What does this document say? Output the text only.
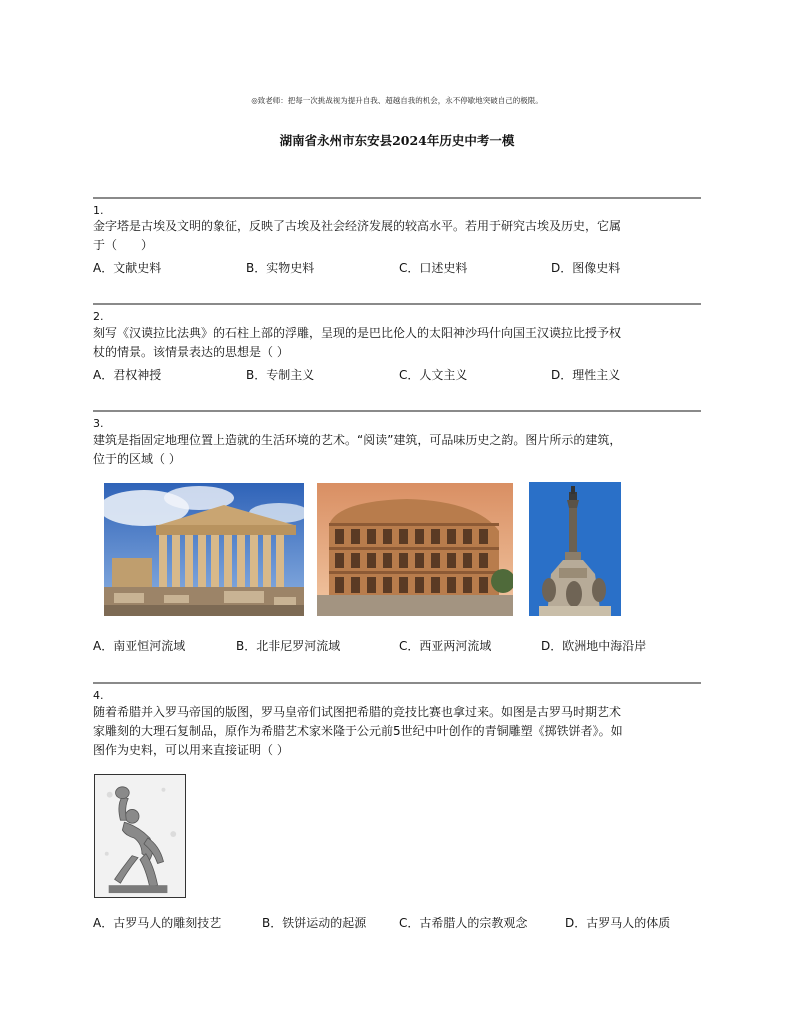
◎致老师：把每一次挑战视为提升自我、超越自我的机会，永不停歇地突破自己的极限。
湖南省永州市东安县2024年历史中考一模
1.
金字塔是古埃及文明的象征，反映了古埃及社会经济发展的较高水平。若用于研究古埃及历史，它属
于（　　）
A．文献史料	B．实物史料	C．口述史料	D．图像史料
2.
刻写《汉谟拉比法典》的石柱上部的浮雕，呈现的是巴比伦人的太阳神沙玛什向国王汉谟拉比授予权
杖的情景。该情景表达的思想是（ ）
A．君权神授	B．专制主义	C．人文主义	D．理性主义
3.
建筑是指固定地理位置上造就的生活环境的艺术。“阅读”建筑，可品味历史之韵。图片所示的建筑，
位于的区域（ ）
A．南亚恒河流域	B．北非尼罗河流域	C．西亚两河流域	D．欧洲地中海沿岸
4.
随着希腊并入罗马帝国的版图，罗马皇帝们试图把希腊的竞技比赛也拿过来。如图是古罗马时期艺术
家雕刻的大理石复制品，原作为希腊艺术家米隆于公元前5世纪中叶创作的青铜雕塑《掷铁饼者》。如
图作为史料，可以用来直接证明（ ）
A．古罗马人的雕刻技艺	B．铁饼运动的起源	C．古希腊人的宗教观念	D．古罗马人的体质
